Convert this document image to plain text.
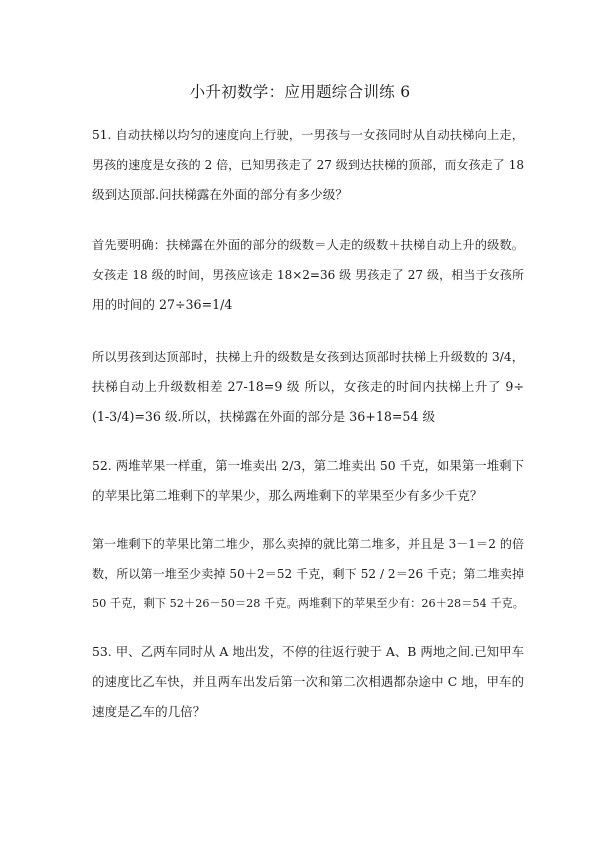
小升初数学：应用题综合训练 6
51. 自动扶梯以均匀的速度向上行驶，一男孩与一女孩同时从自动扶梯向上走，
男孩的速度是女孩的 2 倍，已知男孩走了 27 级到达扶梯的顶部，而女孩走了 18
级到达顶部.问扶梯露在外面的部分有多少级？
首先要明确：扶梯露在外面的部分的级数＝人走的级数＋扶梯自动上升的级数。
女孩走 18 级的时间，男孩应该走 18×2=36 级 男孩走了 27 级，相当于女孩所
用的时间的 27÷36=1/4
所以男孩到达顶部时，扶梯上升的级数是女孩到达顶部时扶梯上升级数的 3/4，
扶梯自动上升级数相差 27-18=9 级 所以，女孩走的时间内扶梯上升了 9÷
(1-3/4)=36 级.所以，扶梯露在外面的部分是 36+18=54 级
52. 两堆苹果一样重，第一堆卖出 2/3，第二堆卖出 50 千克，如果第一堆剩下
的苹果比第二堆剩下的苹果少，那么两堆剩下的苹果至少有多少千克？
第一堆剩下的苹果比第二堆少，那么卖掉的就比第二堆多，并且是 3－1＝2 的倍
数，所以第一堆至少卖掉 50＋2＝52 千克，剩下 52 / 2＝26 千克；第二堆卖掉
50 千克，剩下 52＋26－50＝28 千克。两堆剩下的苹果至少有：26＋28＝54 千克。
53. 甲、乙两车同时从 A 地出发，不停的往返行驶于 A、B 两地之间.已知甲车
的速度比乙车快，并且两车出发后第一次和第二次相遇都杂途中 C 地，甲车的
速度是乙车的几倍？
